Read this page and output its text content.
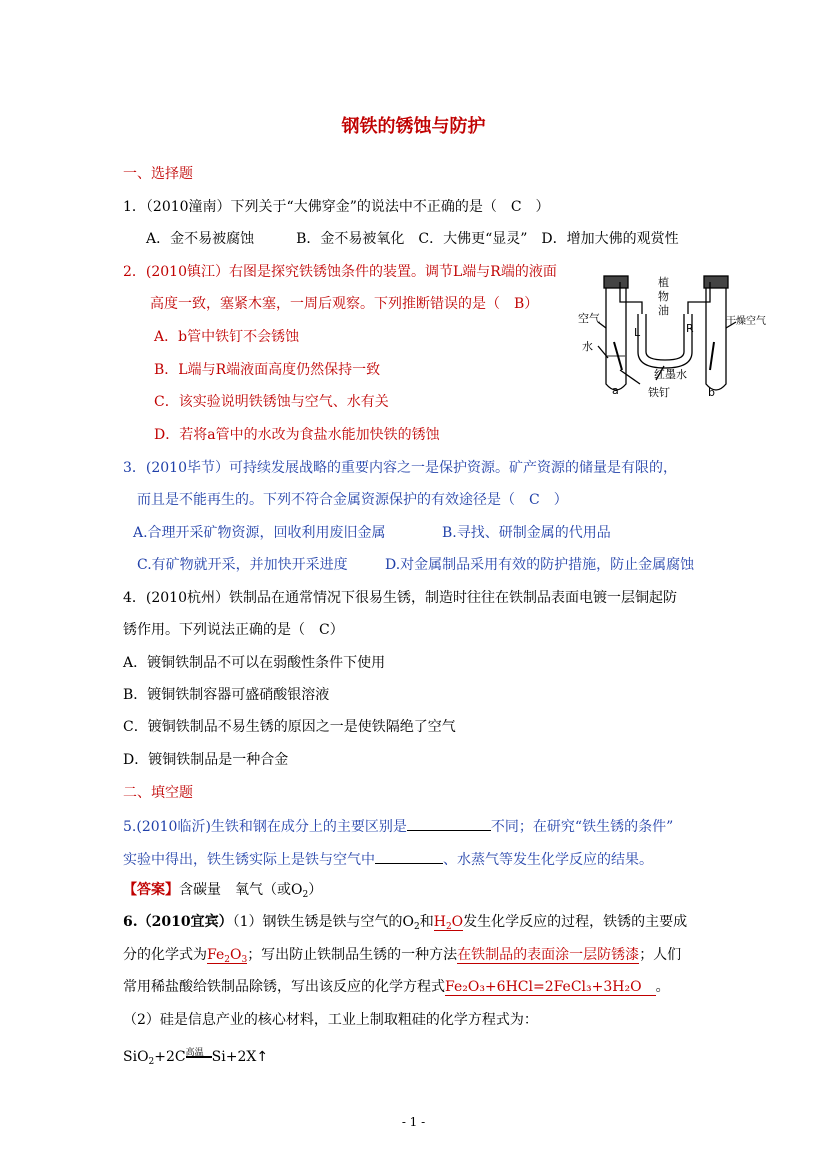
钢铁的锈蚀与防护
一、选择题
1．（2010潼南）下列关于“大佛穿金”的说法中不正确的是（　C　）
A．金不易被腐蚀　　　B．金不易被氧化　C．大佛更“显灵”　D．增加大佛的观赏性
2．(2010镇江）右图是探究铁锈蚀条件的装置。调节L端与R端的液面
高度一致，塞紧木塞，一周后观察。下列推断错误的是（　B）
A．b管中铁钉不会锈蚀
B．L端与R端液面高度仍然保持一致
C．该实验说明铁锈蚀与空气、水有关
D．若将a管中的水改为食盐水能加快铁的锈蚀
空气
水
植
物
油
L	R
干燥空气
红墨水
铁钉
a	b
3．(2010毕节）可持续发展战略的重要内容之一是保护资源。矿产资源的储量是有限的，
而且是不能再生的。下列不符合金属资源保护的有效途径是（　C　）
A.合理开采矿物资源，回收利用废旧金属	B.寻找、研制金属的代用品
C.有矿物就开采，并加快开采进度	D.对金属制品采用有效的防护措施，防止金属腐蚀
4．(2010杭州）铁制品在通常情况下很易生锈，制造时往往在铁制品表面电镀一层铜起防
锈作用。下列说法正确的是（　C）
A．镀铜铁制品不可以在弱酸性条件下使用
B．镀铜铁制容器可盛硝酸银溶液
C．镀铜铁制品不易生锈的原因之一是使铁隔绝了空气
D．镀铜铁制品是一种合金
二、填空题
5.(2010临沂)生铁和钢在成分上的主要区别是	不同；在研究“铁生锈的条件”
实验中得出，铁生锈实际上是铁与空气中	、水蒸气等发生化学反应的结果。
【答案】含碳量　氧气（或$O_2$）
6.（2010宜宾）（1）钢铁生锈是铁与空气的$O_2$和$H_2O$发生化学反应的过程，铁锈的主要成
分的化学式为$Fe_2O_3$；写出防止铁制品生锈的一种方法在铁制品的表面涂一层防锈漆；人们
常用稀盐酸给铁制品除锈，写出该反应的化学方程式Fe₂O₃+6HCl=2FeCl₃+3H₂O 。
（2）硅是信息产业的核心材料，工业上制取粗硅的化学方程式为：
SiO$_2$+2C 高温 Si+2X↑
- 1 -
